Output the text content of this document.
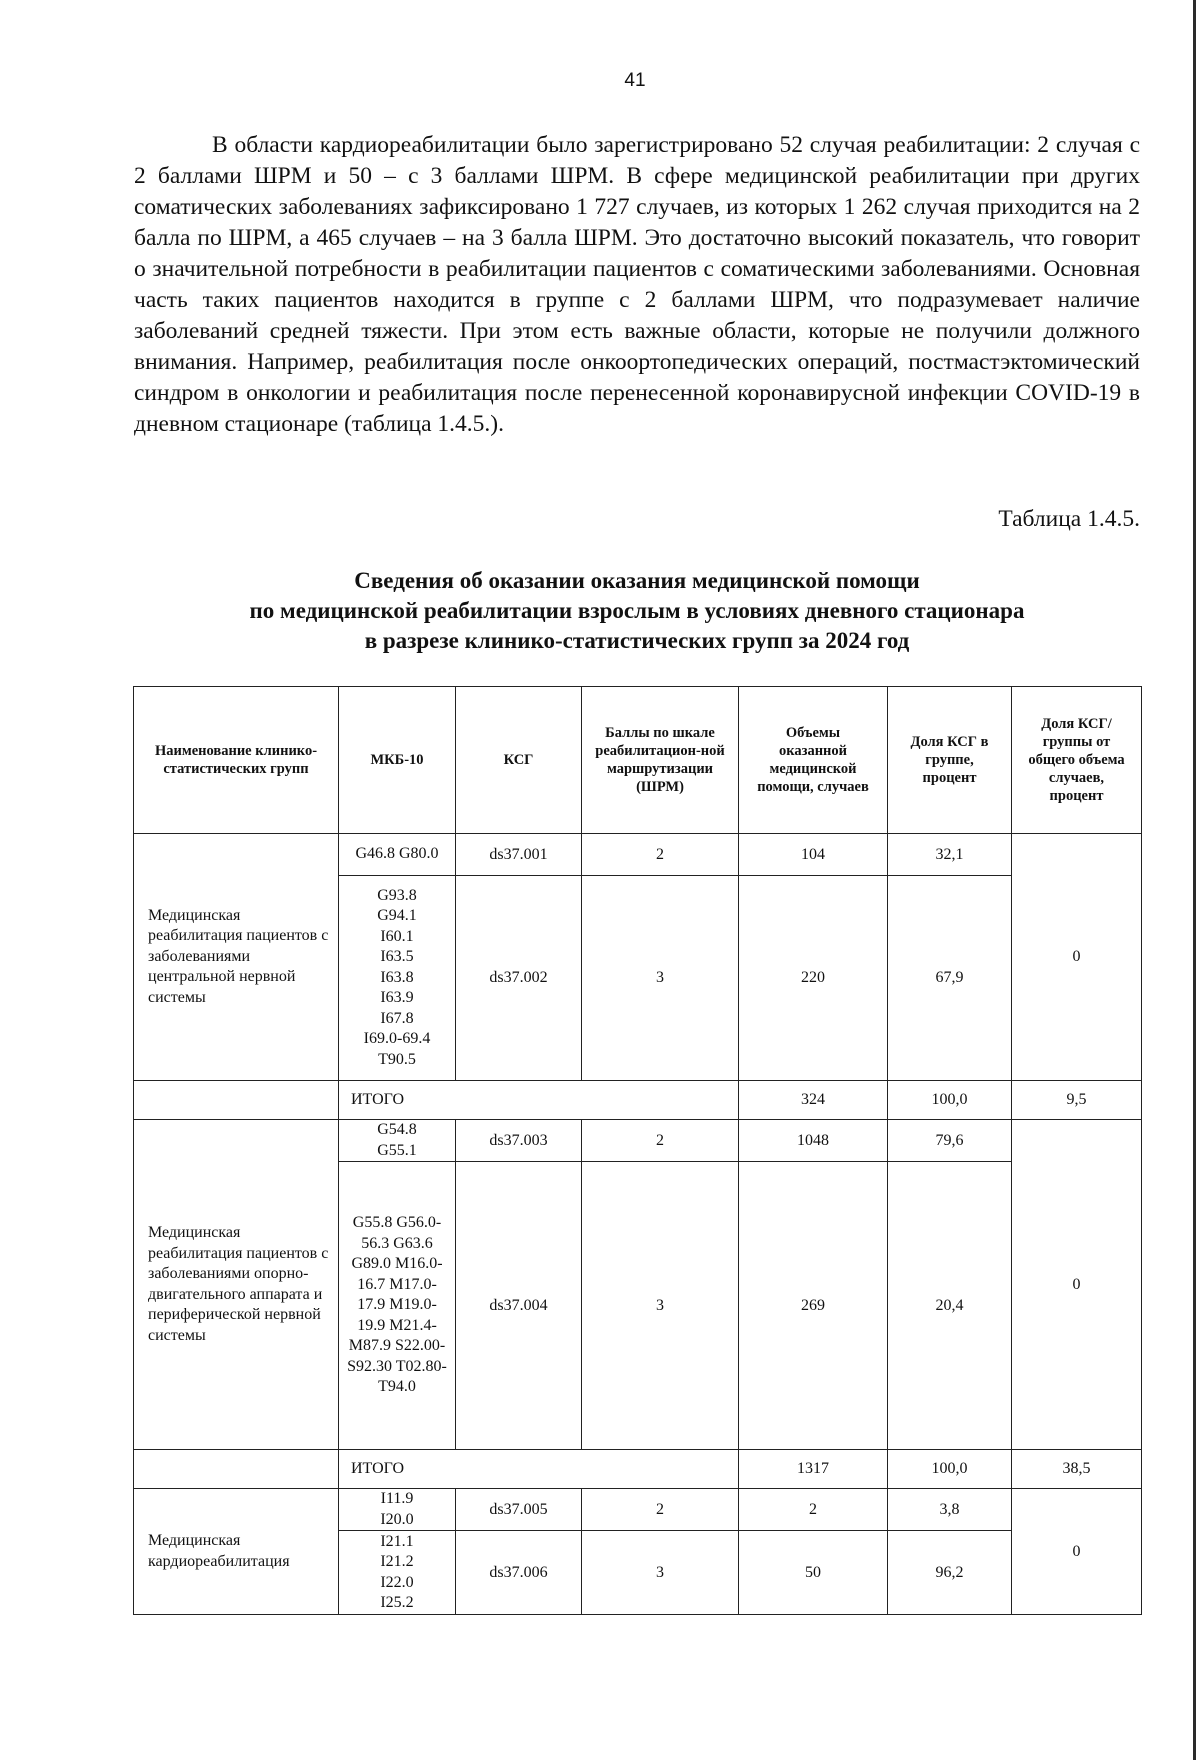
41

В области кардиореабилитации было зарегистрировано 52 случая реабилитации: 2 случая с 2 баллами ШРМ и 50 – с 3 баллами ШРМ. В сфере медицинской реабилитации при других соматических заболеваниях зафиксировано 1 727 случаев, из которых 1 262 случая приходится на 2 балла по ШРМ, а 465 случаев – на 3 балла ШРМ. Это достаточно высокий показатель, что говорит о значительной потребности в реабилитации пациентов с соматическими заболеваниями. Основная часть таких пациентов находится в группе с 2 баллами ШРМ, что подразумевает наличие заболеваний средней тяжести. При этом есть важные области, которые не получили должного внимания. Например, реабилитация после онкоортопедических операций, постмастэктомический синдром в онкологии и реабилитация после перенесенной коронавирусной инфекции COVID-19 в дневном стационаре (таблица 1.4.5.).

Таблица 1.4.5.
Сведения об оказании оказания медицинской помощи
по медицинской реабилитации взрослым в условиях дневного стационара
в разрезе клинико-статистических групп за 2024 год
Наименование клинико-статистических групп	МКБ-10	КСГ	Баллы по шкале реабилитацион-ной маршрутизации (ШРМ)	Объемы оказанной медицинской помощи, случаев	Доля КСГ в группе, процент	Доля КСГ/ группы от общего объема случаев, процент
Медицинская реабилитация пациентов с заболеваниями центральной нервной системы	G46.8 G80.0	ds37.001	2	104	32,1	0
	G93.8 G94.1 I60.1 I63.5 I63.8 I63.9 I67.8 I69.0-69.4 T90.5	ds37.002	3	220	67,9	
	ИТОГО			324	100,0	9,5
Медицинская реабилитация пациентов с заболеваниями опорно-двигательного аппарата и периферической нервной системы	G54.8 G55.1	ds37.003	2	1048	79,6	0
	G55.8 G56.0-56.3 G63.6 G89.0 M16.0-16.7 M17.0-17.9 M19.0-19.9 M21.4- M87.9 S22.00- S92.30 T02.80- T94.0	ds37.004	3	269	20,4	
	ИТОГО			1317	100,0	38,5
Медицинская кардиореабилитация	I11.9 I20.0	ds37.005	2	2	3,8	0
	I21.1 I21.2 I22.0 I25.2	ds37.006	3	50	96,2	
